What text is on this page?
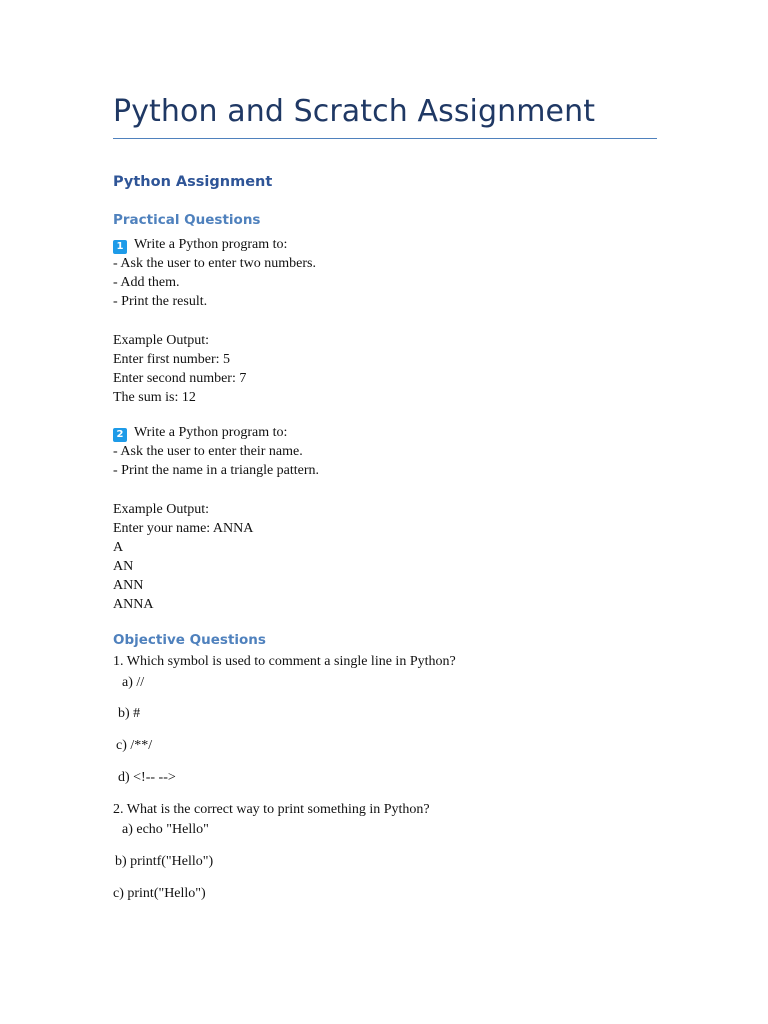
Python and Scratch Assignment
Python Assignment
Practical Questions
1 Write a Python program to:
- Ask the user to enter two numbers.
- Add them.
- Print the result.
Example Output:
Enter first number: 5
Enter second number: 7
The sum is: 12
2 Write a Python program to:
- Ask the user to enter their name.
- Print the name in a triangle pattern.
Example Output:
Enter your name: ANNA
A
AN
ANN
ANNA
Objective Questions
1. Which symbol is used to comment a single line in Python?
a) //
b) #
c) /**/
d) <!-- -->
2. What is the correct way to print something in Python?
a) echo "Hello"
b) printf("Hello")
c) print("Hello")
